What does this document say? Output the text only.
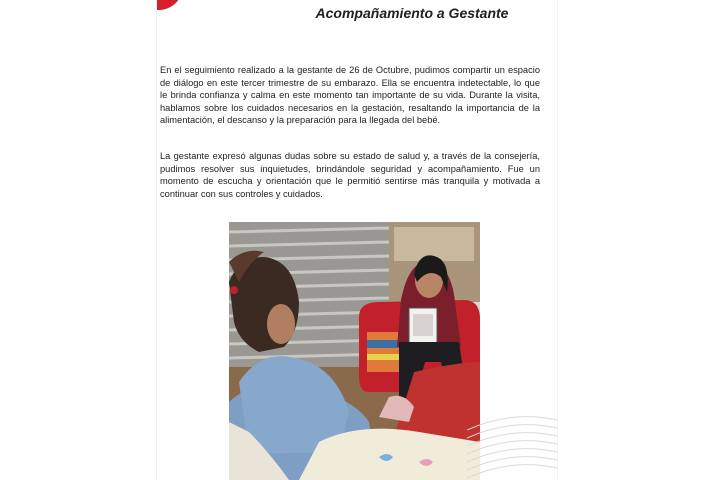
Acompañamiento a Gestante

En el seguimiento realizado a la gestante de 26 de Octubre, pudimos compartir un espacio de diálogo en este tercer trimestre de su embarazo. Ella se encuentra indetectable, lo que le brinda confianza y calma en este momento tan importante de su vida. Durante la visita, hablamos sobre los cuidados necesarios en la gestación, resaltando la importancia de la alimentación, el descanso y la preparación para la llegada del bebé.

La gestante expresó algunas dudas sobre su estado de salud y, a través de la consejería, pudimos resolver sus inquietudes, brindándole seguridad y acompañamiento. Fue un momento de escucha y orientación que le permitió sentirse más tranquila y motivada a continuar con sus controles y cuidados.
